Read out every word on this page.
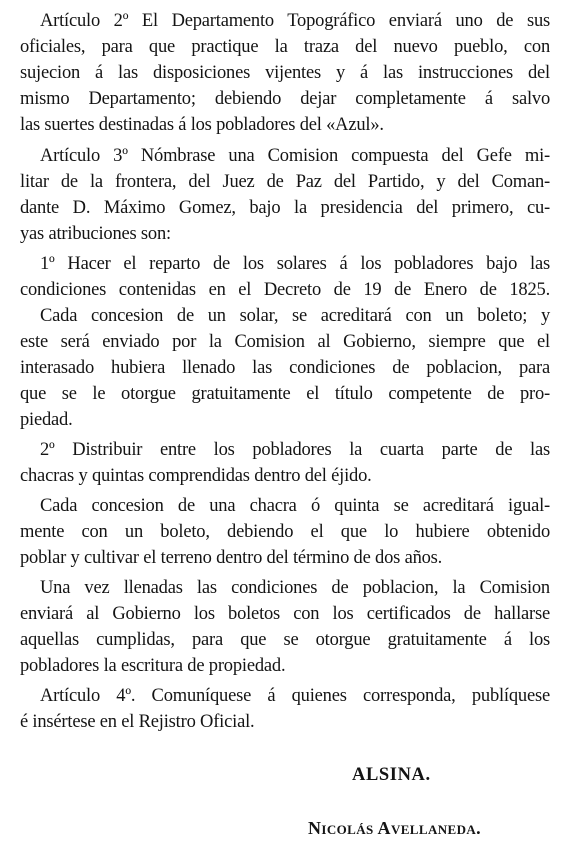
Artículo 2º El Departamento Topográfico enviará uno de sus
oficiales, para que practique la traza del nuevo pueblo, con
sujecion á las disposiciones vijentes y á las instrucciones del
mismo Departamento; debiendo dejar completamente á salvo
las suertes destinadas á los pobladores del «Azul».
Artículo 3º Nómbrase una Comision compuesta del Gefe mi-
litar de la frontera, del Juez de Paz del Partido, y del Coman-
dante D. Máximo Gomez, bajo la presidencia del primero, cu-
yas atribuciones son:
1º Hacer el reparto de los solares á los pobladores bajo las
condiciones contenidas en el Decreto de 19 de Enero de 1825.
Cada concesion de un solar, se acreditará con un boleto; y
este será enviado por la Comision al Gobierno, siempre que el
interasado hubiera llenado las condiciones de poblacion, para
que se le otorgue gratuitamente el título competente de pro-
piedad.
2º Distribuir entre los pobladores la cuarta parte de las
chacras y quintas comprendidas dentro del éjido.
Cada concesion de una chacra ó quinta se acreditará igual-
mente con un boleto, debiendo el que lo hubiere obtenido
poblar y cultivar el terreno dentro del término de dos años.
Una vez llenadas las condiciones de poblacion, la Comision
enviará al Gobierno los boletos con los certificados de hallarse
aquellas cumplidas, para que se otorgue gratuitamente á los
pobladores la escritura de propiedad.
Artículo 4º. Comuníquese á quienes corresponda, publíquese
é insértese en el Rejistro Oficial.
ALSINA.
Nicolás Avellaneda.
